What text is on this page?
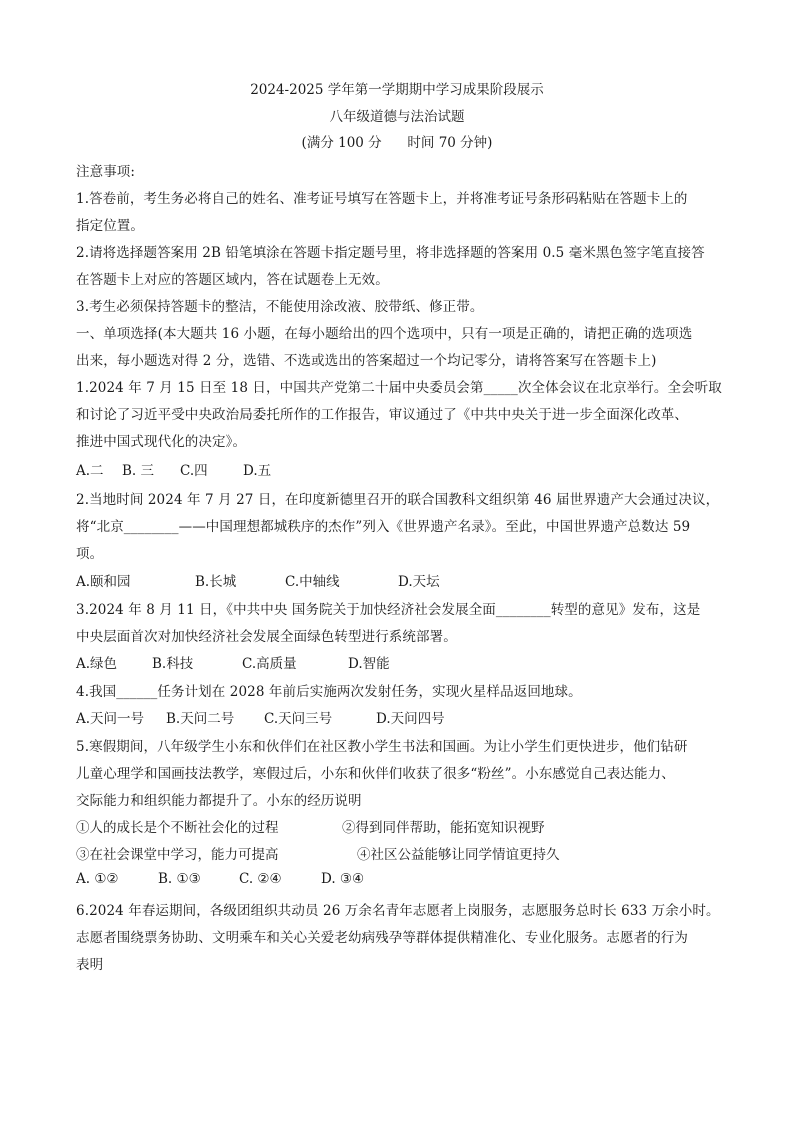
2024-2025 学年第一学期期中学习成果阶段展示
八年级道德与法治试题
(满分 100 分      时间 70 分钟)
注意事项:
1.答卷前，考生务必将自己的姓名、准考证号填写在答题卡上，并将准考证号条形码粘贴在答题卡上的
指定位置。
2.请将选择题答案用 2B 铅笔填涂在答题卡指定题号里，将非选择题的答案用 0.5 毫米黑色签字笔直接答
在答题卡上对应的答题区域内，答在试题卷上无效。
3.考生必须保持答题卡的整洁，不能使用涂改液、胶带纸、修正带。
一、单项选择(本大题共 16 小题，在每小题给出的四个选项中，只有一项是正确的，请把正确的选项选
出来，每小题选对得 2 分，选错、不选或选出的答案超过一个均记零分，请将答案写在答题卡上)
1.2024 年 7 月 15 日至 18 日，中国共产党第二十届中央委员会第_____次全体会议在北京举行。全会听取
和讨论了习近平受中央政治局委托所作的工作报告，审议通过了《中共中央关于进一步全面深化改革、
推进中国式现代化的决定》。
A.二 B. 三 C.四	D.五
2.当地时间 2024 年 7 月 27 日，在印度新德里召开的联合国教科文组织第 46 届世界遗产大会通过决议，
将“北京________——中国理想都城秩序的杰作”列入《世界遗产名录》。至此，中国世界遗产总数达 59
项。
A.颐和园	B.长城	C.中轴线	D.天坛
3.2024 年 8 月 11 日，《中共中央 国务院关于加快经济社会发展全面________转型的意见》发布，这是
中央层面首次对加快经济社会发展全面绿色转型进行系统部署。
A.绿色	B.科技	C.高质量	D.智能
4.我国______任务计划在 2028 年前后实施两次发射任务，实现火星样品返回地球。
A.天问一号 B.天问二号 C.天问三号	D.天问四号
5.寒假期间，八年级学生小东和伙伴们在社区教小学生书法和国画。为让小学生们更快进步，他们钻研
儿童心理学和国画技法教学，寒假过后，小东和伙伴们收获了很多“粉丝”。小东感觉自己表达能力、
交际能力和组织能力都提升了。小东的经历说明
①人的成长是个不断社会化的过程	②得到同伴帮助，能拓宽知识视野
③在社会课堂中学习，能力可提高	④社区公益能够让同学情谊更持久
A. ①②	B. ①③	C. ②④	D. ③④
6.2024 年春运期间，各级团组织共动员 26 万余名青年志愿者上岗服务，志愿服务总时长 633 万余小时。
志愿者围绕票务协助、文明乘车和关心关爱老幼病残孕等群体提供精准化、专业化服务。志愿者的行为
表明
